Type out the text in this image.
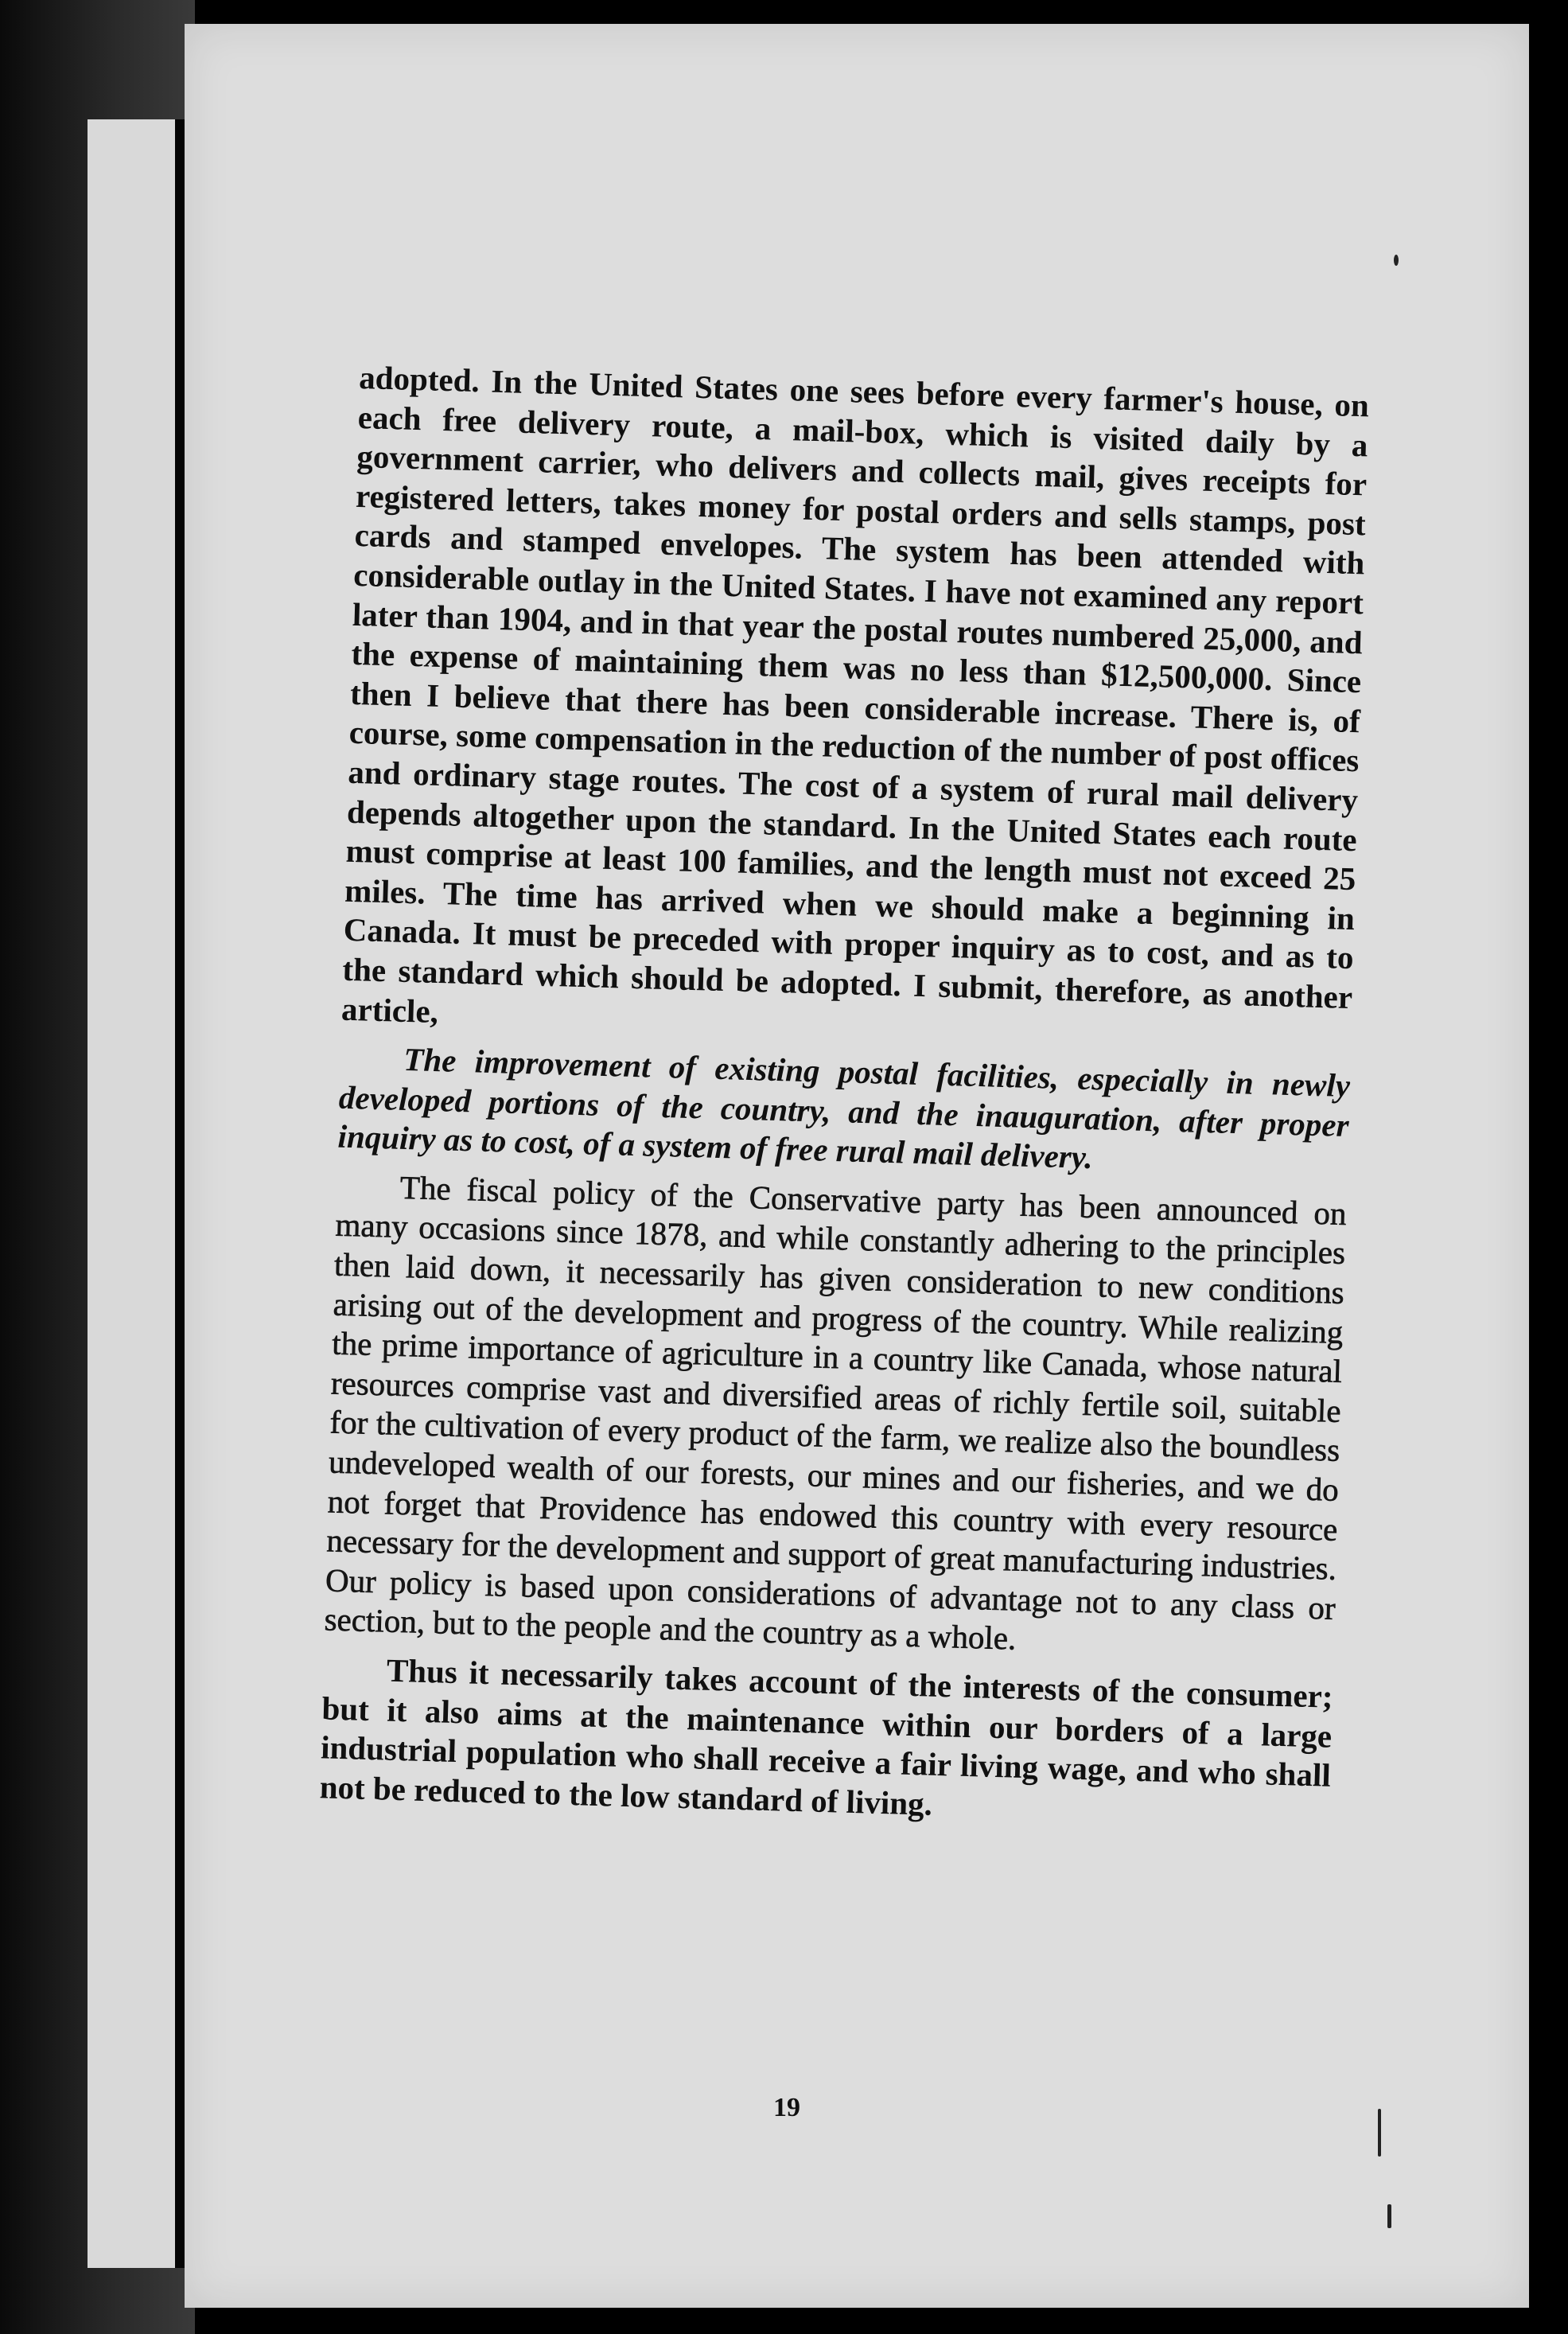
adopted. In the United States one sees before every farmer's house, on each free delivery route, a mail-box, which is visited daily by a government carrier, who delivers and collects mail, gives receipts for registered letters, takes money for postal orders and sells stamps, post cards and stamped envelopes. The system has been attended with considerable outlay in the United States. I have not examined any report later than 1904, and in that year the postal routes numbered 25,000, and the expense of maintaining them was no less than $12,500,000. Since then I believe that there has been considerable increase. There is, of course, some compensation in the reduction of the number of post offices and ordinary stage routes. The cost of a system of rural mail delivery depends altogether upon the standard. In the United States each route must comprise at least 100 families, and the length must not exceed 25 miles. The time has arrived when we should make a beginning in Canada. It must be preceded with proper inquiry as to cost, and as to the standard which should be adopted. I submit, therefore, as another article,

The improvement of existing postal facilities, especially in newly developed portions of the country, and the inauguration, after proper inquiry as to cost, of a system of free rural mail delivery.

The fiscal policy of the Conservative party has been announced on many occasions since 1878, and while constantly adhering to the principles then laid down, it necessarily has given consideration to new conditions arising out of the development and progress of the country. While realizing the prime importance of agriculture in a country like Canada, whose natural resources comprise vast and diversified areas of richly fertile soil, suitable for the cultivation of every product of the farm, we realize also the boundless undeveloped wealth of our forests, our mines and our fisheries, and we do not forget that Providence has endowed this country with every resource necessary for the development and support of great manufacturing industries. Our policy is based upon considerations of advantage not to any class or section, but to the people and the country as a whole.

Thus it necessarily takes account of the interests of the consumer; but it also aims at the maintenance within our borders of a large industrial population who shall receive a fair living wage, and who shall not be reduced to the low standard of living.

19
